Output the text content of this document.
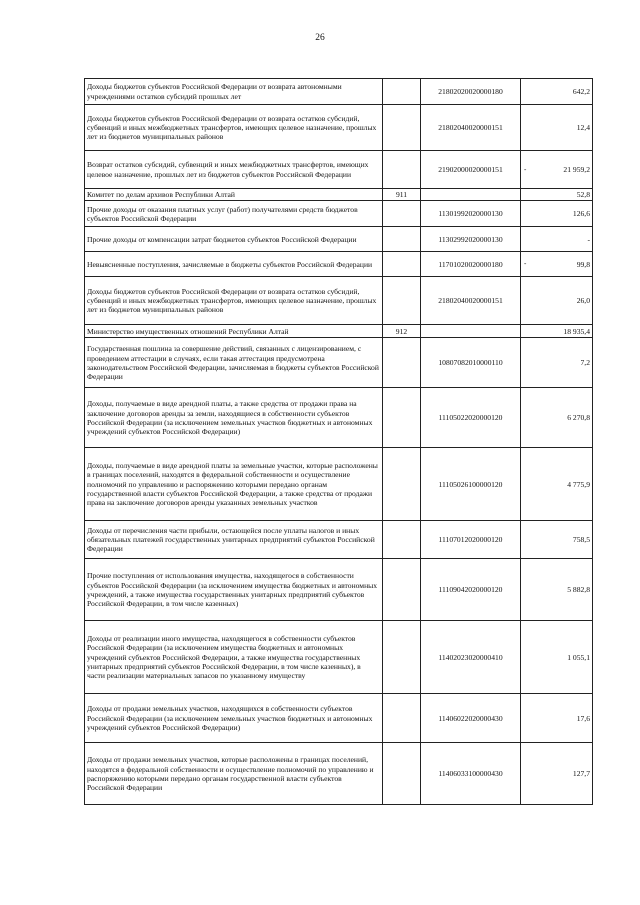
26
Доходы бюджетов субъектов Российской Федерации от возврата автономными учреждениями остатков субсидий прошлых лет		21802020020000180	642,2
Доходы бюджетов субъектов Российской Федерации от возврата остатков субсидий, субвенций и иных межбюджетных трансфертов, имеющих целевое назначение, прошлых лет из бюджетов муниципальных районов		21802040020000151	12,4
Возврат остатков субсидий, субвенций и иных межбюджетных трансфертов, имеющих целевое назначение, прошлых лет из бюджетов субъектов Российской Федерации		21902000020000151	- 21 959,2
Комитет по делам архивов Республики Алтай	911		52,8
Прочие доходы от оказания платных услуг (работ) получателями средств бюджетов субъектов Российской Федерации		11301992020000130	126,6
Прочие доходы от компенсации затрат бюджетов субъектов Российской Федерации		11302992020000130	-
Невыясненные поступления, зачисляемые в бюджеты субъектов Российской Федерации		11701020020000180	- 99,8
Доходы бюджетов субъектов Российской Федерации от возврата остатков субсидий, субвенций и иных межбюджетных трансфертов, имеющих целевое назначение, прошлых лет из бюджетов муниципальных районов		21802040020000151	26,0
Министерство имущественных отношений Республики Алтай	912		18 935,4
Государственная пошлина за совершение действий, связанных с лицензированием, с проведением аттестации в случаях, если такая аттестация предусмотрена законодательством Российской Федерации, зачисляемая в бюджеты субъектов Российской Федерации		10807082010000110	7,2
Доходы, получаемые в виде арендной платы, а также средства от продажи права на заключение договоров аренды за земли, находящиеся в собственности субъектов Российской Федерации (за исключением земельных участков бюджетных и автономных учреждений субъектов Российской Федерации)		11105022020000120	6 270,8
Доходы, получаемые в виде арендной платы за земельные участки, которые расположены в границах поселений, находятся в федеральной собственности и осуществление полномочий по управлению и распоряжению которыми передано органам государственной власти субъектов Российской Федерации, а также средства от продажи права на заключение договоров аренды указанных земельных участков		11105026100000120	4 775,9
Доходы от перечисления части прибыли, остающейся после уплаты налогов и иных обязательных платежей государственных унитарных предприятий субъектов Российской Федерации		11107012020000120	758,5
Прочие поступления от использования имущества, находящегося в собственности субъектов Российской Федерации (за исключением имущества бюджетных и автономных учреждений, а также имущества государственных унитарных предприятий субъектов Российской Федерации, в том числе казенных)		11109042020000120	5 882,8
Доходы от реализации иного имущества, находящегося в собственности субъектов Российской Федерации (за исключением имущества бюджетных и автономных учреждений субъектов Российской Федерации, а также имущества государственных унитарных предприятий субъектов Российской Федерации, в том числе казенных), в части реализации материальных запасов по указанному имуществу		11402023020000410	1 055,1
Доходы от продажи земельных участков, находящихся в собственности субъектов Российской Федерации (за исключением земельных участков бюджетных и автономных учреждений субъектов Российской Федерации)		11406022020000430	17,6
Доходы от продажи земельных участков, которые расположены в границах поселений, находятся в федеральной собственности и осуществление полномочий по управлению и распоряжению которыми передано органам государственной власти субъектов Российской Федерации		11406033100000430	127,7
